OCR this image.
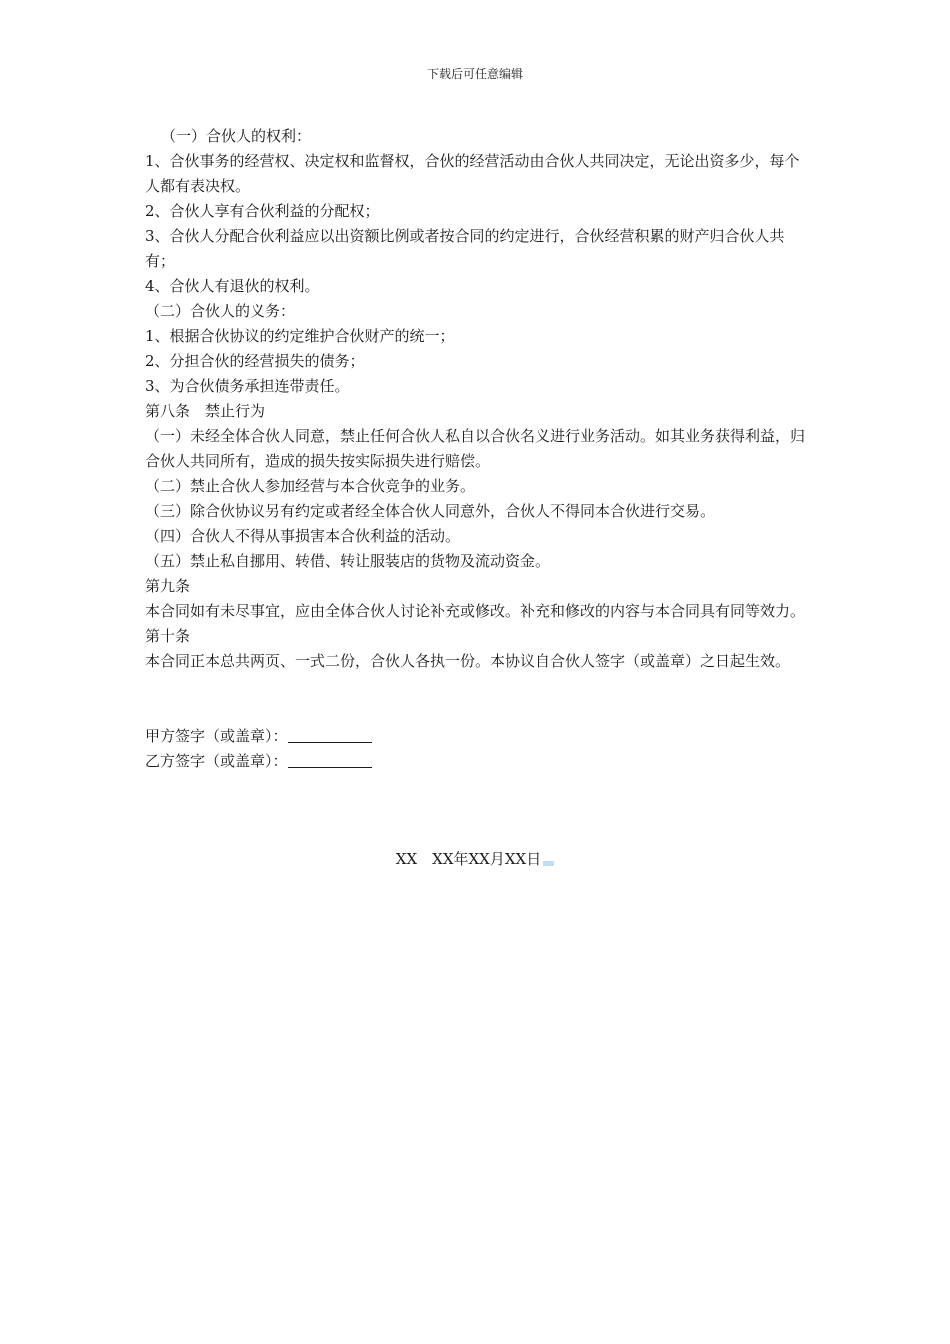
下载后可任意编辑

（一）合伙人的权利：

1、合伙事务的经营权、决定权和监督权，合伙的经营活动由合伙人共同决定，无论出资多少，每个人都有表决权。

2、合伙人享有合伙利益的分配权；

3、合伙人分配合伙利益应以出资额比例或者按合同的约定进行，合伙经营积累的财产归合伙人共有；

4、合伙人有退伙的权利。

（二）合伙人的义务：

1、根据合伙协议的约定维护合伙财产的统一；

2、分担合伙的经营损失的债务；

3、为合伙债务承担连带责任。

第八条　禁止行为

（一）未经全体合伙人同意，禁止任何合伙人私自以合伙名义进行业务活动。如其业务获得利益，归合伙人共同所有，造成的损失按实际损失进行赔偿。

（二）禁止合伙人参加经营与本合伙竞争的业务。

（三）除合伙协议另有约定或者经全体合伙人同意外，合伙人不得同本合伙进行交易。

（四）合伙人不得从事损害本合伙利益的活动。

（五）禁止私自挪用、转借、转让服装店的货物及流动资金。

第九条

本合同如有未尽事宜，应由全体合伙人讨论补充或修改。补充和修改的内容与本合同具有同等效力。

第十条

本合同正本总共两页、一式二份，合伙人各执一份。本协议自合伙人签字（或盖章）之日起生效。

甲方签字（或盖章）：

乙方签字（或盖章）：

XX　XX年XX月XX日
